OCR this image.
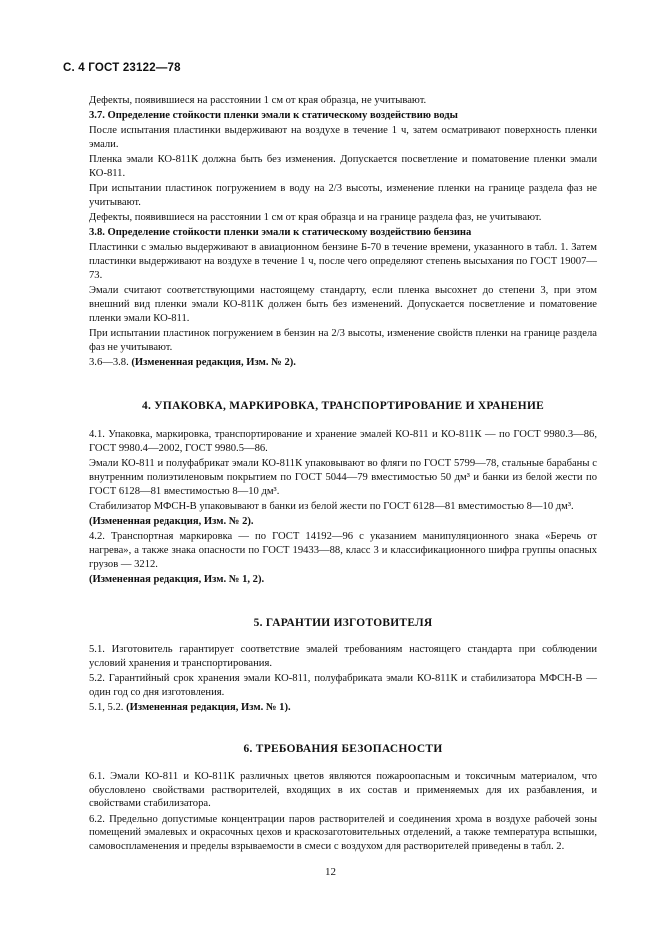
С. 4 ГОСТ 23122—78

Дефекты, появившиеся на расстоянии 1 см от края образца, не учитывают.

3.7. Определение стойкости пленки эмали к статическому воздействию воды

После испытания пластинки выдерживают на воздухе в течение 1 ч, затем осматривают поверхность пленки эмали.

Пленка эмали КО-811К должна быть без изменения. Допускается посветление и поматовение пленки эмали КО-811.

При испытании пластинок погружением в воду на 2/3 высоты, изменение пленки на границе раздела фаз не учитывают.

Дефекты, появившиеся на расстоянии 1 см от края образца и на границе раздела фаз, не учитывают.

3.8. Определение стойкости пленки эмали к статическому воздействию бензина

Пластинки с эмалью выдерживают в авиационном бензине Б-70 в течение времени, указанного в табл. 1. Затем пластинки выдерживают на воздухе в течение 1 ч, после чего определяют степень высыхания по ГОСТ 19007—73.

Эмали считают соответствующими настоящему стандарту, если пленка высохнет до степени 3, при этом внешний вид пленки эмали КО-811К должен быть без изменений. Допускается посветление и поматовение пленки эмали КО-811.

При испытании пластинок погружением в бензин на 2/3 высоты, изменение свойств пленки на границе раздела фаз не учитывают.

3.6—3.8. (Измененная редакция, Изм. № 2).

4. УПАКОВКА, МАРКИРОВКА, ТРАНСПОРТИРОВАНИЕ И ХРАНЕНИЕ

4.1. Упаковка, маркировка, транспортирование и хранение эмалей КО-811 и КО-811К — по ГОСТ 9980.3—86, ГОСТ 9980.4—2002, ГОСТ 9980.5—86.

Эмали КО-811 и полуфабрикат эмали КО-811К упаковывают во фляги по ГОСТ 5799—78, стальные барабаны с внутренним полиэтиленовым покрытием по ГОСТ 5044—79 вместимостью 50 дм³ и банки из белой жести по ГОСТ 6128—81 вместимостью 8—10 дм³.

Стабилизатор МФСН-В упаковывают в банки из белой жести по ГОСТ 6128—81 вместимостью 8—10 дм³.

(Измененная редакция, Изм. № 2).

4.2. Транспортная маркировка — по ГОСТ 14192—96 с указанием манипуляционного знака «Беречь от нагрева», а также знака опасности по ГОСТ 19433—88, класс 3 и классификационного шифра группы опасных грузов — 3212.

(Измененная редакция, Изм. № 1, 2).

5. ГАРАНТИИ ИЗГОТОВИТЕЛЯ

5.1. Изготовитель гарантирует соответствие эмалей требованиям настоящего стандарта при соблюдении условий хранения и транспортирования.

5.2. Гарантийный срок хранения эмали КО-811, полуфабриката эмали КО-811К и стабилизатора МФСН-В — один год со дня изготовления.

5.1, 5.2. (Измененная редакция, Изм. № 1).

6. ТРЕБОВАНИЯ БЕЗОПАСНОСТИ

6.1. Эмали КО-811 и КО-811К различных цветов являются пожароопасным и токсичным материалом, что обусловлено свойствами растворителей, входящих в их состав и применяемых для их разбавления, и свойствами стабилизатора.

6.2. Предельно допустимые концентрации паров растворителей и соединения хрома в воздухе рабочей зоны помещений эмалевых и окрасочных цехов и краскозаготовительных отделений, а также температура вспышки, самовоспламенения и пределы взрываемости в смеси с воздухом для растворителей приведены в табл. 2.

12
